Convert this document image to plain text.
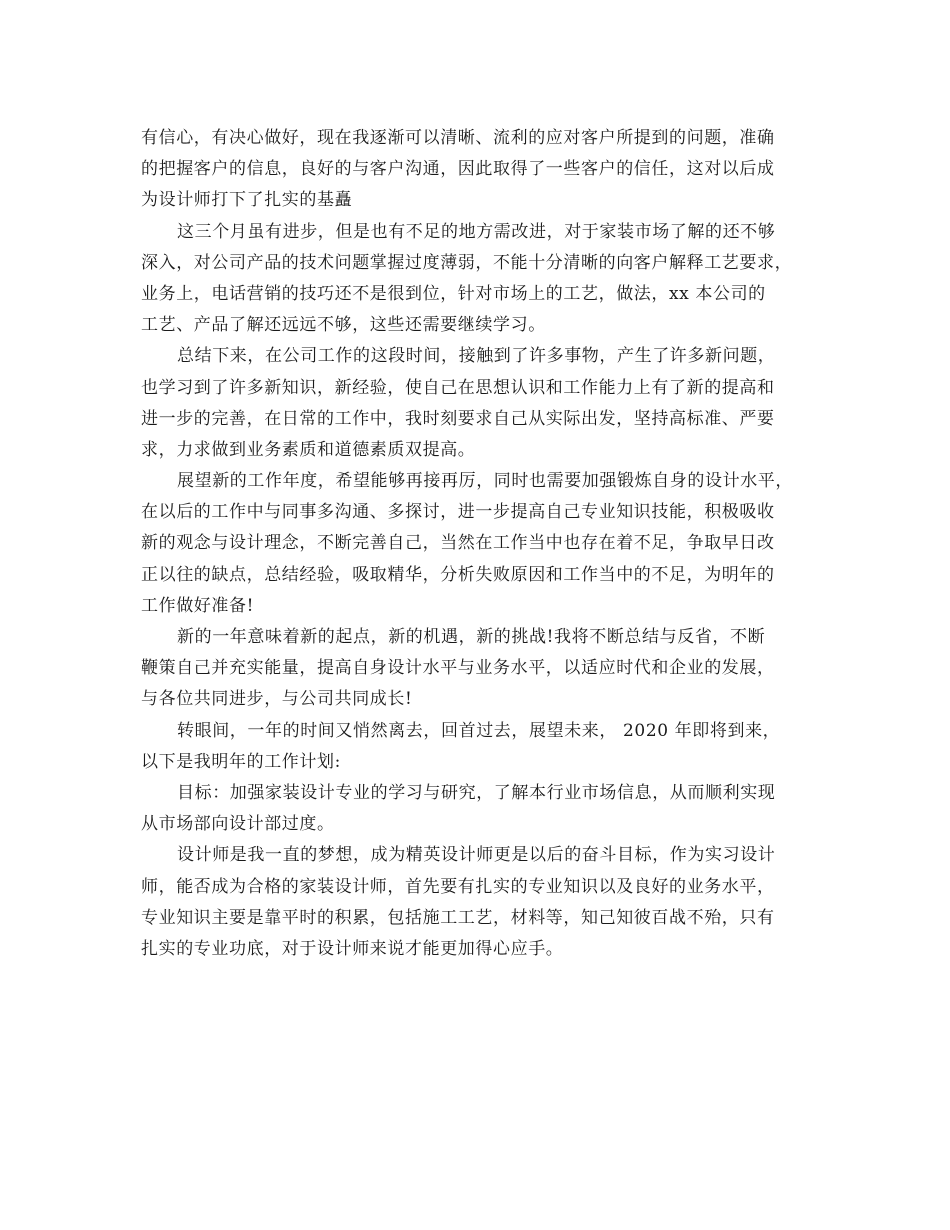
有信心，有决心做好，现在我逐渐可以清晰、流利的应对客户所提到的问题，准确
的把握客户的信息，良好的与客户沟通，因此取得了一些客户的信任，这对以后成
为设计师打下了扎实的基矗
这三个月虽有进步，但是也有不足的地方需改进，对于家装市场了解的还不够
深入，对公司产品的技术问题掌握过度薄弱，不能十分清晰的向客户解释工艺要求，
业务上，电话营销的技巧还不是很到位，针对市场上的工艺，做法，xx 本公司的
工艺、产品了解还远远不够，这些还需要继续学习。
总结下来，在公司工作的这段时间，接触到了许多事物，产生了许多新问题，
也学习到了许多新知识，新经验，使自己在思想认识和工作能力上有了新的提高和
进一步的完善，在日常的工作中，我时刻要求自己从实际出发，坚持高标准、严要
求，力求做到业务素质和道德素质双提高。
展望新的工作年度，希望能够再接再厉，同时也需要加强锻炼自身的设计水平，
在以后的工作中与同事多沟通、多探讨，进一步提高自己专业知识技能，积极吸收
新的观念与设计理念，不断完善自己，当然在工作当中也存在着不足，争取早日改
正以往的缺点，总结经验，吸取精华，分析失败原因和工作当中的不足，为明年的
工作做好准备!
新的一年意味着新的起点，新的机遇，新的挑战!我将不断总结与反省，不断
鞭策自己并充实能量，提高自身设计水平与业务水平，以适应时代和企业的发展，
与各位共同进步，与公司共同成长!
转眼间，一年的时间又悄然离去，回首过去，展望未来， 2020 年即将到来，
以下是我明年的工作计划:
目标：加强家装设计专业的学习与研究，了解本行业市场信息，从而顺利实现
从市场部向设计部过度。
设计师是我一直的梦想，成为精英设计师更是以后的奋斗目标，作为实习设计
师，能否成为合格的家装设计师，首先要有扎实的专业知识以及良好的业务水平，
专业知识主要是靠平时的积累，包括施工工艺，材料等，知己知彼百战不殆，只有
扎实的专业功底，对于设计师来说才能更加得心应手。
